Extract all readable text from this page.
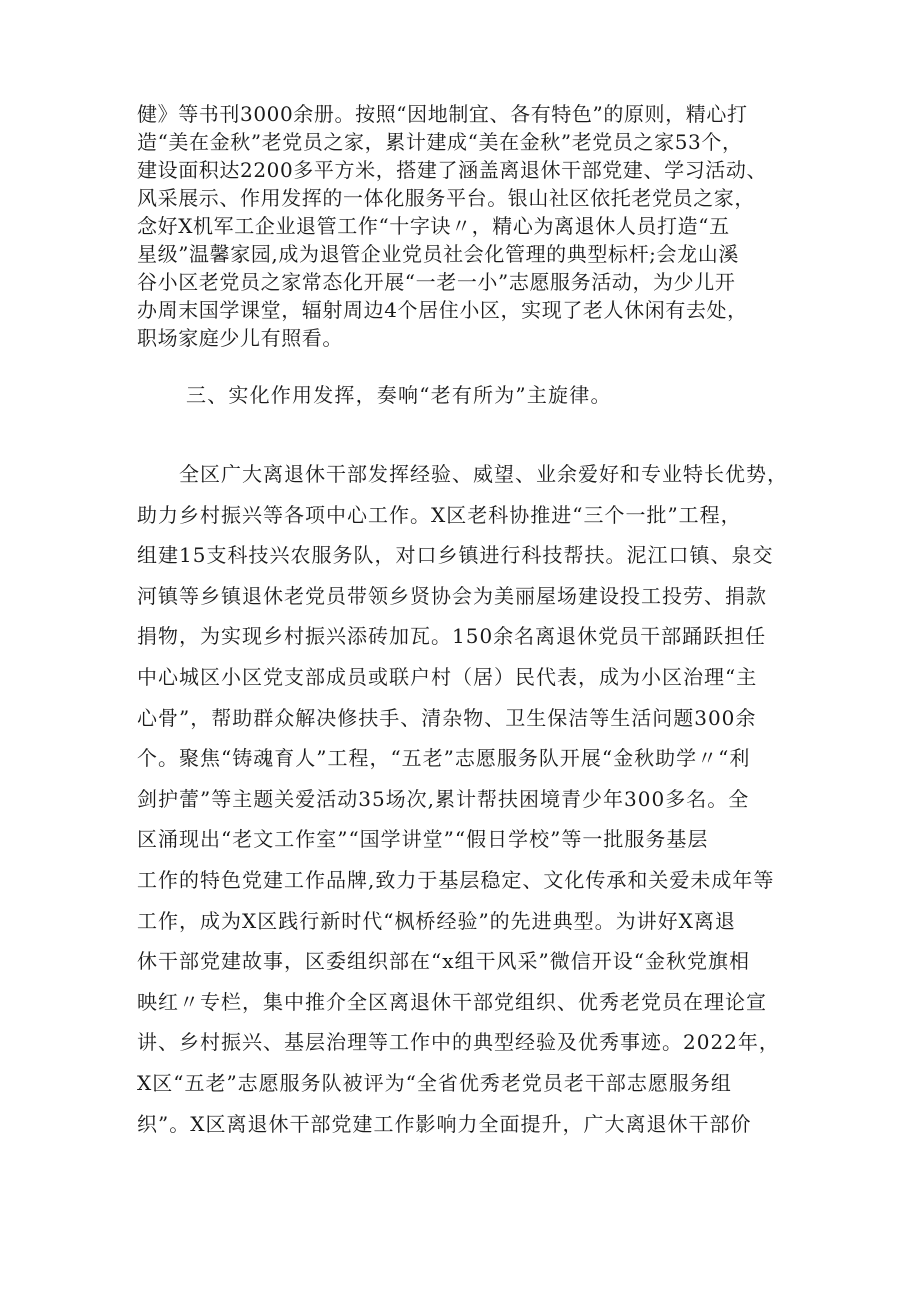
健》等书刊3000余册。按照“因地制宜、各有特色”的原则，精心打
造“美在金秋”老党员之家，累计建成“美在金秋”老党员之家53个，
建设面积达2200多平方米，搭建了涵盖离退休干部党建、学习活动、
风采展示、作用发挥的一体化服务平台。银山社区依托老党员之家，
念好X机军工企业退管工作“十字诀〃，精心为离退休人员打造“五
星级”温馨家园,成为退管企业党员社会化管理的典型标杆;会龙山溪
谷小区老党员之家常态化开展“一老一小”志愿服务活动，为少儿开
办周末国学课堂，辐射周边4个居住小区，实现了老人休闲有去处，
职场家庭少儿有照看。
三、实化作用发挥，奏响“老有所为”主旋律。
　　全区广大离退休干部发挥经验、威望、业余爱好和专业特长优势，
助力乡村振兴等各项中心工作。X区老科协推进“三个一批”工程，
组建15支科技兴农服务队，对口乡镇进行科技帮扶。泥江口镇、泉交
河镇等乡镇退休老党员带领乡贤协会为美丽屋场建设投工投劳、捐款
捐物，为实现乡村振兴添砖加瓦。150余名离退休党员干部踊跃担任
中心城区小区党支部成员或联户村（居）民代表，成为小区治理“主
心骨”，帮助群众解决修扶手、清杂物、卫生保洁等生活问题300余
个。聚焦“铸魂育人”工程，“五老”志愿服务队开展“金秋助学〃“利
剑护蕾”等主题关爱活动35场次,累计帮扶困境青少年300多名。全
区涌现出“老文工作室”“国学讲堂”“假日学校”等一批服务基层
工作的特色党建工作品牌,致力于基层稳定、文化传承和关爱未成年等
工作，成为X区践行新时代“枫桥经验”的先进典型。为讲好X离退
休干部党建故事，区委组织部在“x组干风采”微信开设“金秋党旗相
映红〃专栏，集中推介全区离退休干部党组织、优秀老党员在理论宣
讲、乡村振兴、基层治理等工作中的典型经验及优秀事迹。2022年，
X区“五老”志愿服务队被评为“全省优秀老党员老干部志愿服务组
织”。X区离退休干部党建工作影响力全面提升，广大离退休干部价
